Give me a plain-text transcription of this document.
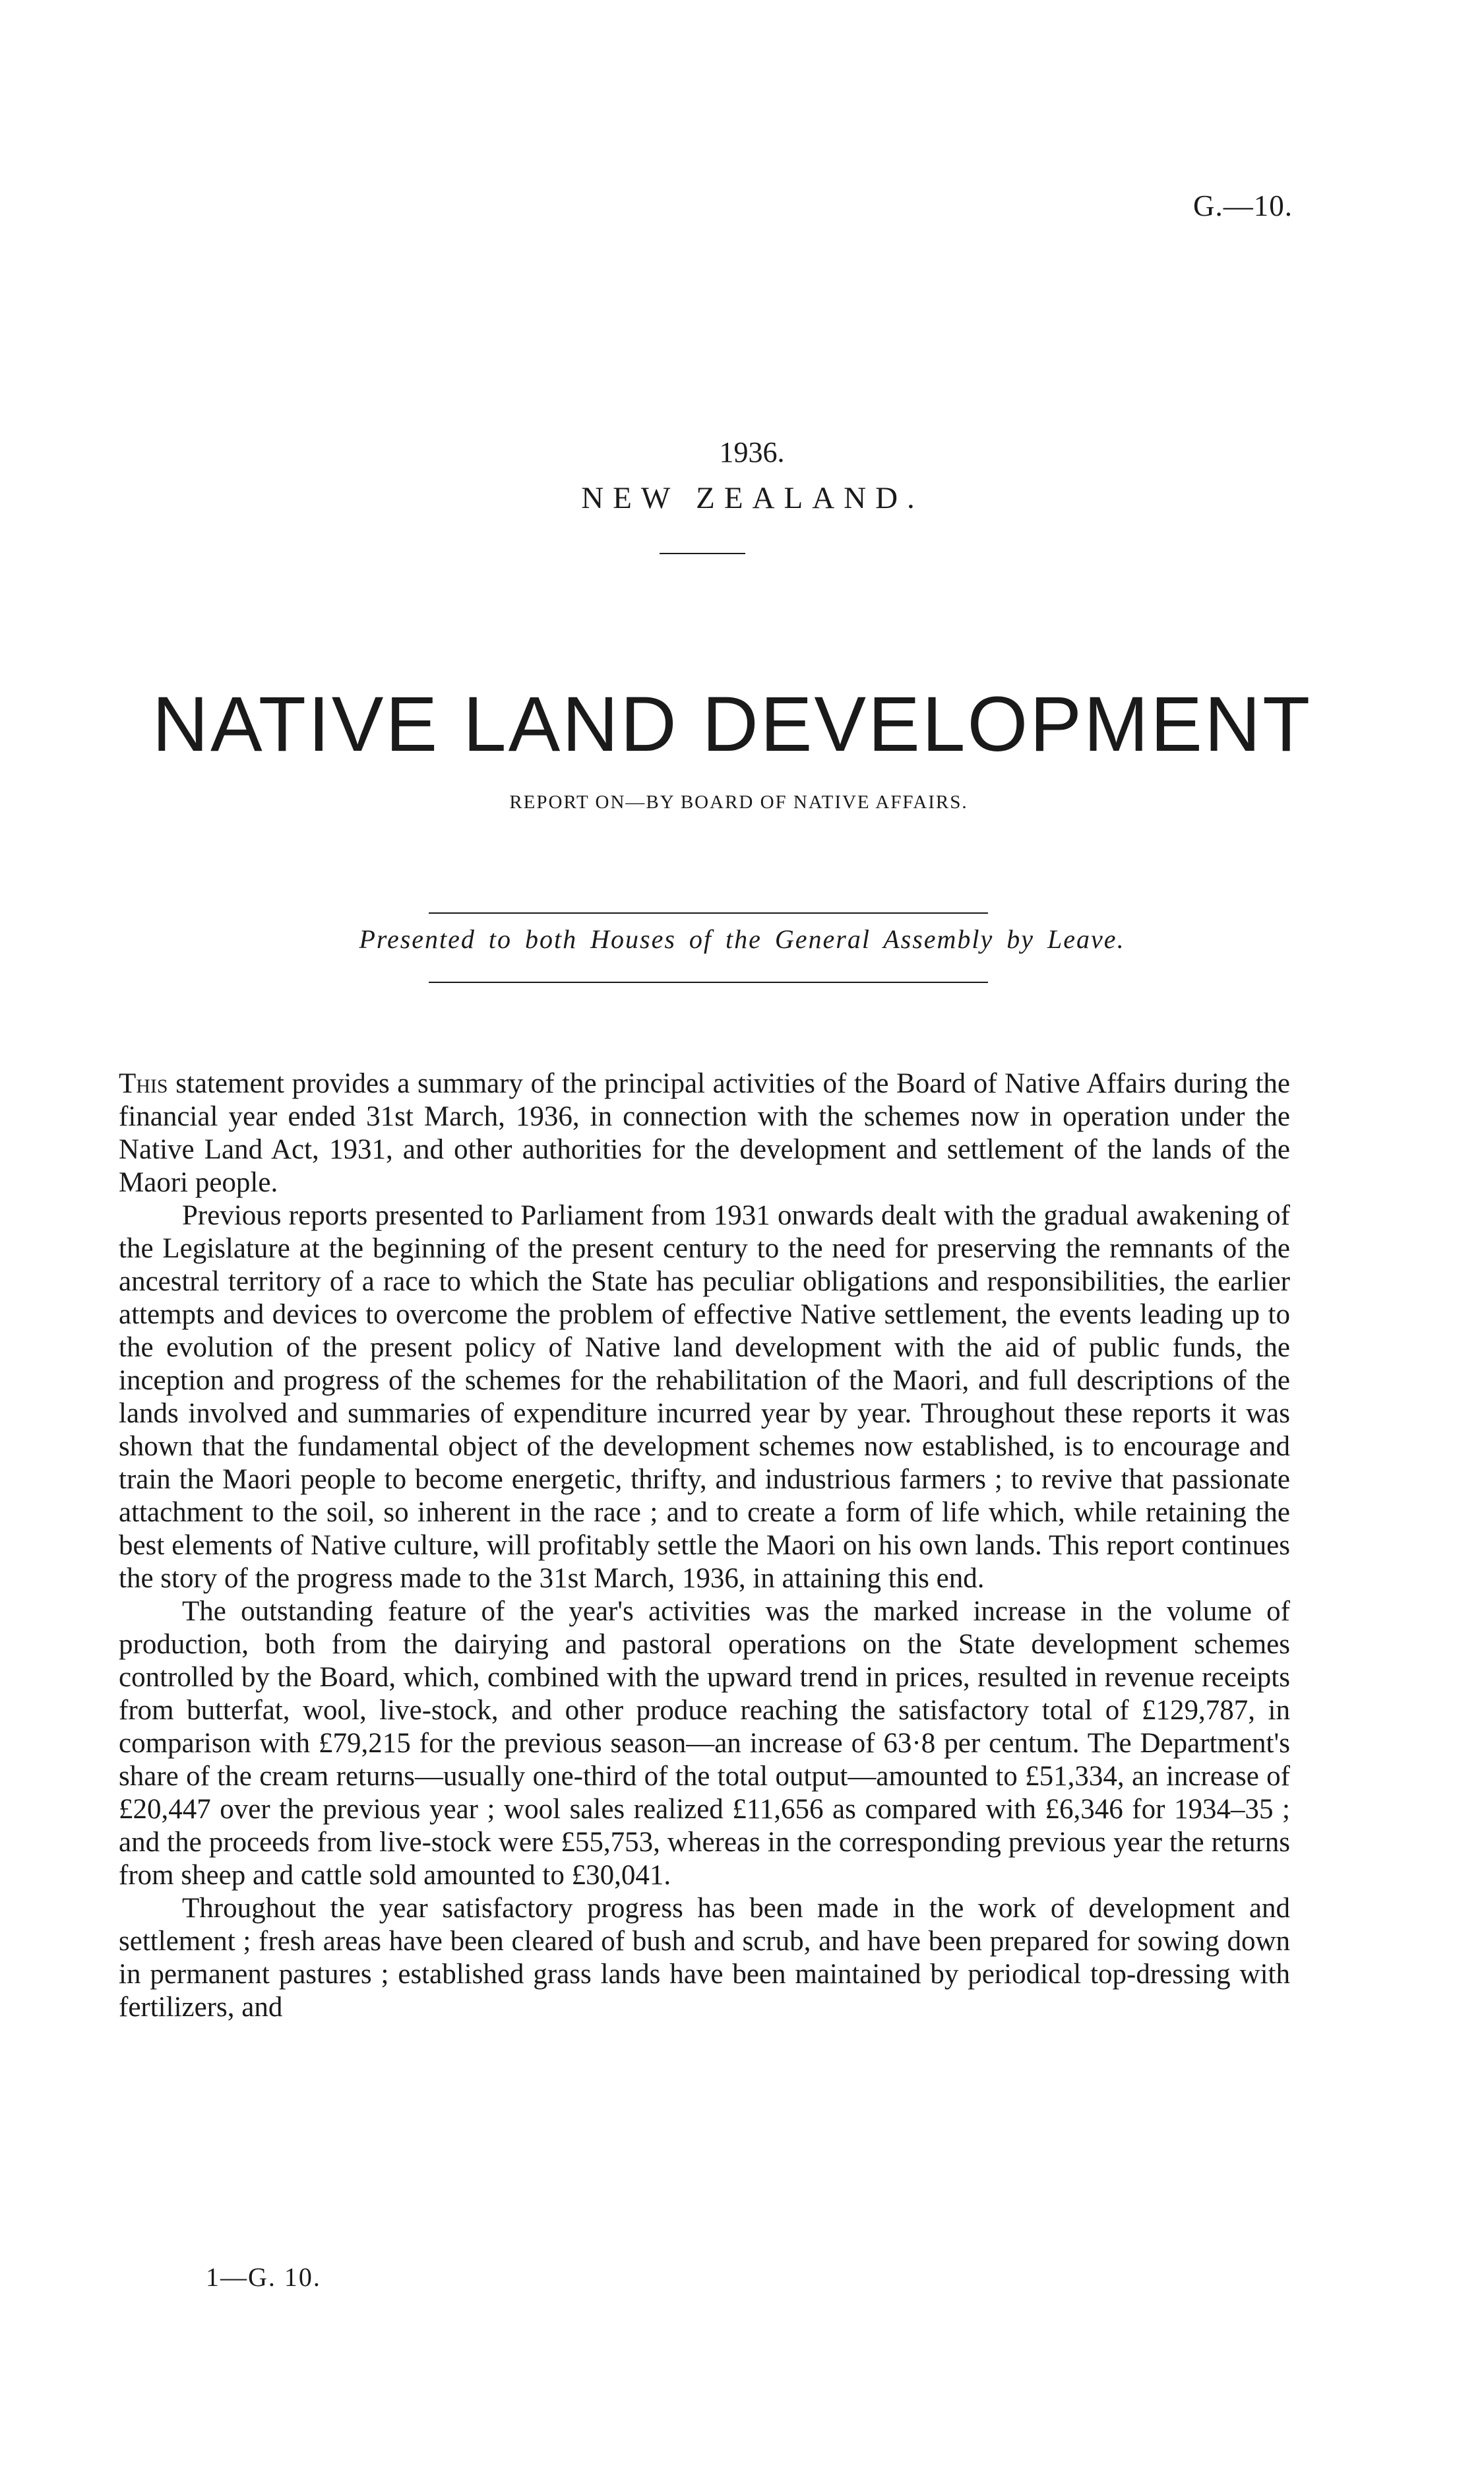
G.—10.
1936.
NEW ZEALAND.
NATIVE LAND DEVELOPMENT
REPORT ON—BY BOARD OF NATIVE AFFAIRS.
Presented to both Houses of the General Assembly by Leave.

This statement provides a summary of the principal activities of the Board of Native Affairs during the financial year ended 31st March, 1936, in connection with the schemes now in operation under the Native Land Act, 1931, and other authorities for the development and settlement of the lands of the Maori people.

Previous reports presented to Parliament from 1931 onwards dealt with the gradual awakening of the Legislature at the beginning of the present century to the need for preserving the remnants of the ancestral territory of a race to which the State has peculiar obligations and responsibilities, the earlier attempts and devices to overcome the problem of effective Native settlement, the events leading up to the evolution of the present policy of Native land development with the aid of public funds, the inception and progress of the schemes for the rehabilitation of the Maori, and full descriptions of the lands involved and summaries of expenditure incurred year by year. Throughout these reports it was shown that the fundamental object of the development schemes now established, is to encourage and train the Maori people to become energetic, thrifty, and industrious farmers ; to revive that passionate attachment to the soil, so inherent in the race ; and to create a form of life which, while retaining the best elements of Native culture, will profitably settle the Maori on his own lands. This report continues the story of the progress made to the 31st March, 1936, in attaining this end.

The outstanding feature of the year's activities was the marked increase in the volume of production, both from the dairying and pastoral operations on the State development schemes controlled by the Board, which, combined with the upward trend in prices, resulted in revenue receipts from butterfat, wool, live-stock, and other produce reaching the satisfactory total of £129,787, in comparison with £79,215 for the previous season—an increase of 63·8 per centum. The Department's share of the cream returns—usually one-third of the total output—amounted to £51,334, an increase of £20,447 over the previous year ; wool sales realized £11,656 as compared with £6,346 for 1934–35 ; and the proceeds from live-stock were £55,753, whereas in the corresponding previous year the returns from sheep and cattle sold amounted to £30,041.

Throughout the year satisfactory progress has been made in the work of development and settlement ; fresh areas have been cleared of bush and scrub, and have been prepared for sowing down in permanent pastures ; established grass lands have been maintained by periodical top-dressing with fertilizers, and

1—G. 10.
